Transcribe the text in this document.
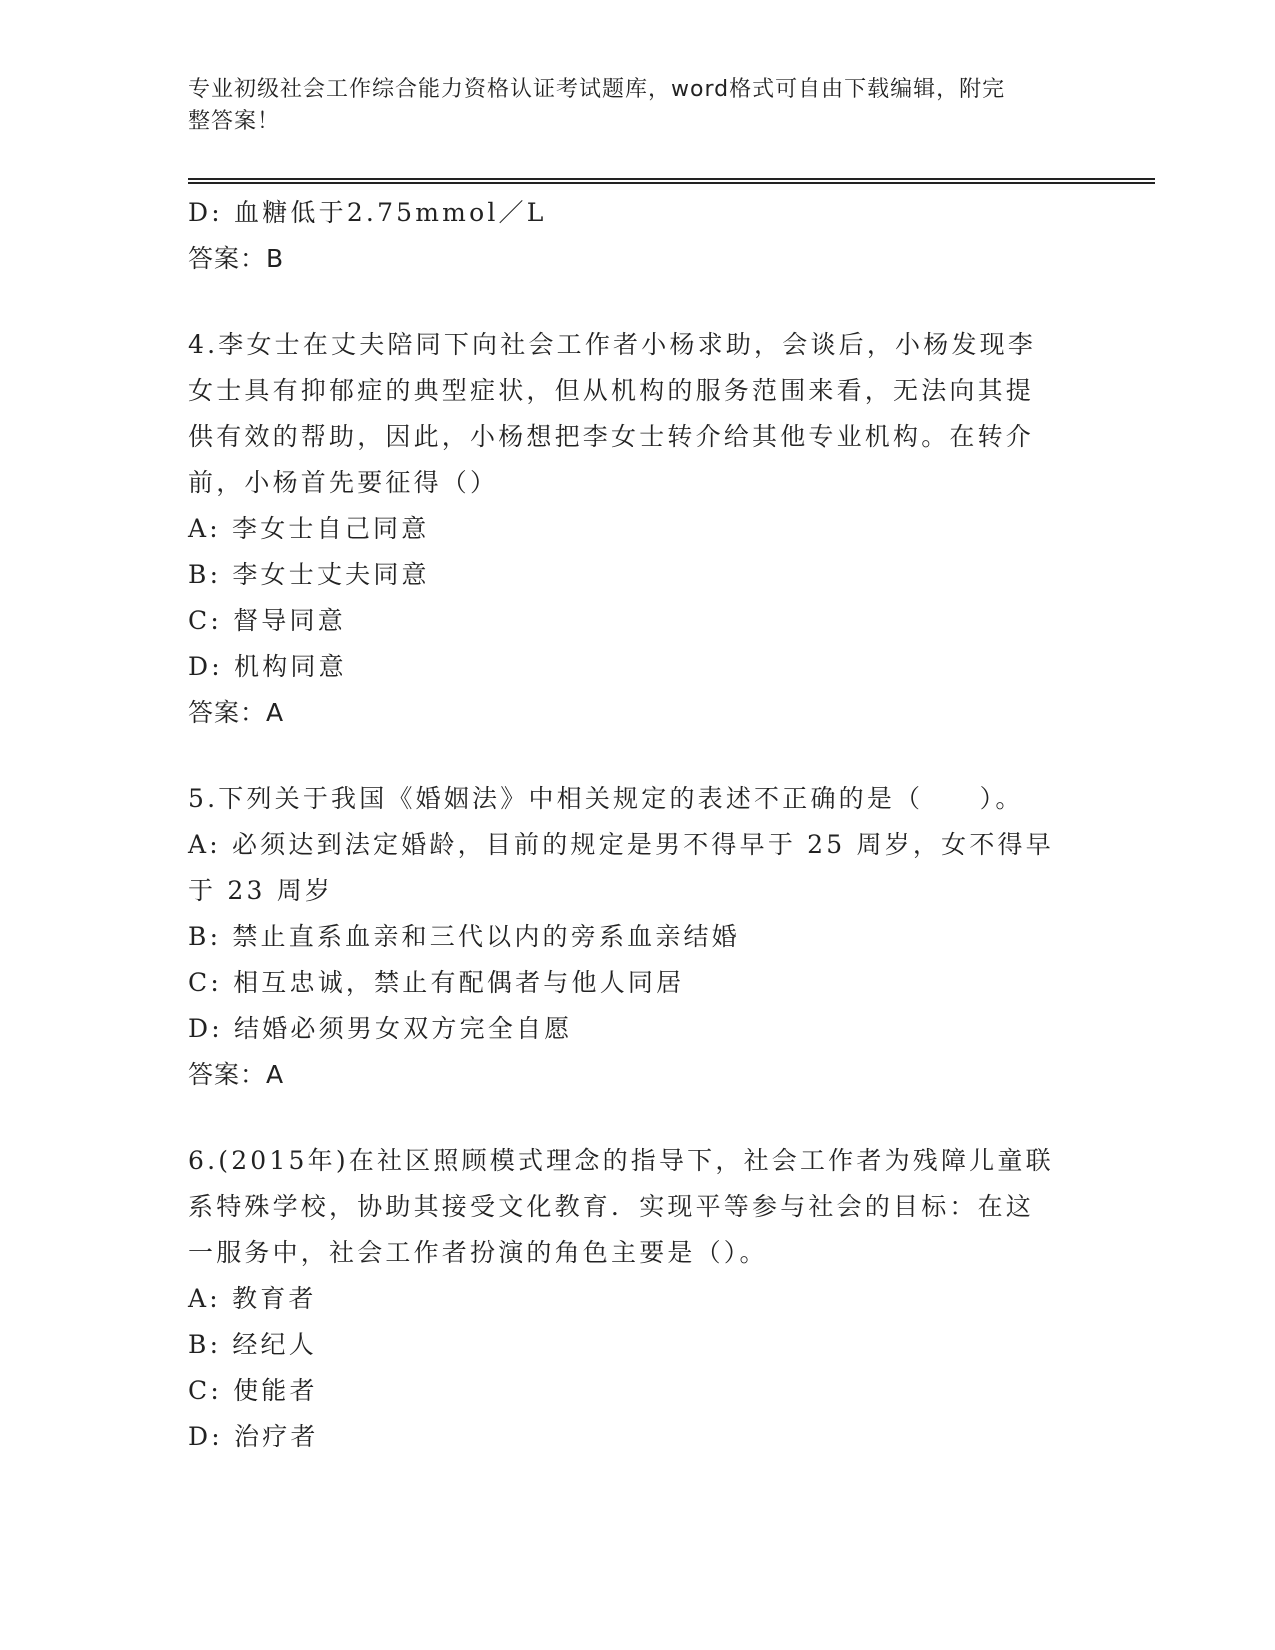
专业初级社会工作综合能力资格认证考试题库，word格式可自由下载编辑，附完
整答案！
D: 血糖低于2.75mmol／L
答案：B
4.李女士在丈夫陪同下向社会工作者小杨求助，会谈后，小杨发现李
女士具有抑郁症的典型症状，但从机构的服务范围来看，无法向其提
供有效的帮助，因此，小杨想把李女士转介给其他专业机构。在转介
前，小杨首先要征得（）
A: 李女士自己同意
B: 李女士丈夫同意
C: 督导同意
D: 机构同意
答案：A
5.下列关于我国《婚姻法》中相关规定的表述不正确的是（　　）。
A: 必须达到法定婚龄，目前的规定是男不得早于 25 周岁，女不得早
于 23 周岁
B: 禁止直系血亲和三代以内的旁系血亲结婚
C: 相互忠诚，禁止有配偶者与他人同居
D: 结婚必须男女双方完全自愿
答案：A
6.(2015年)在社区照顾模式理念的指导下，社会工作者为残障儿童联
系特殊学校，协助其接受文化教育．实现平等参与社会的目标：在这
一服务中，社会工作者扮演的角色主要是（）。
A: 教育者
B: 经纪人
C: 使能者
D: 治疗者
